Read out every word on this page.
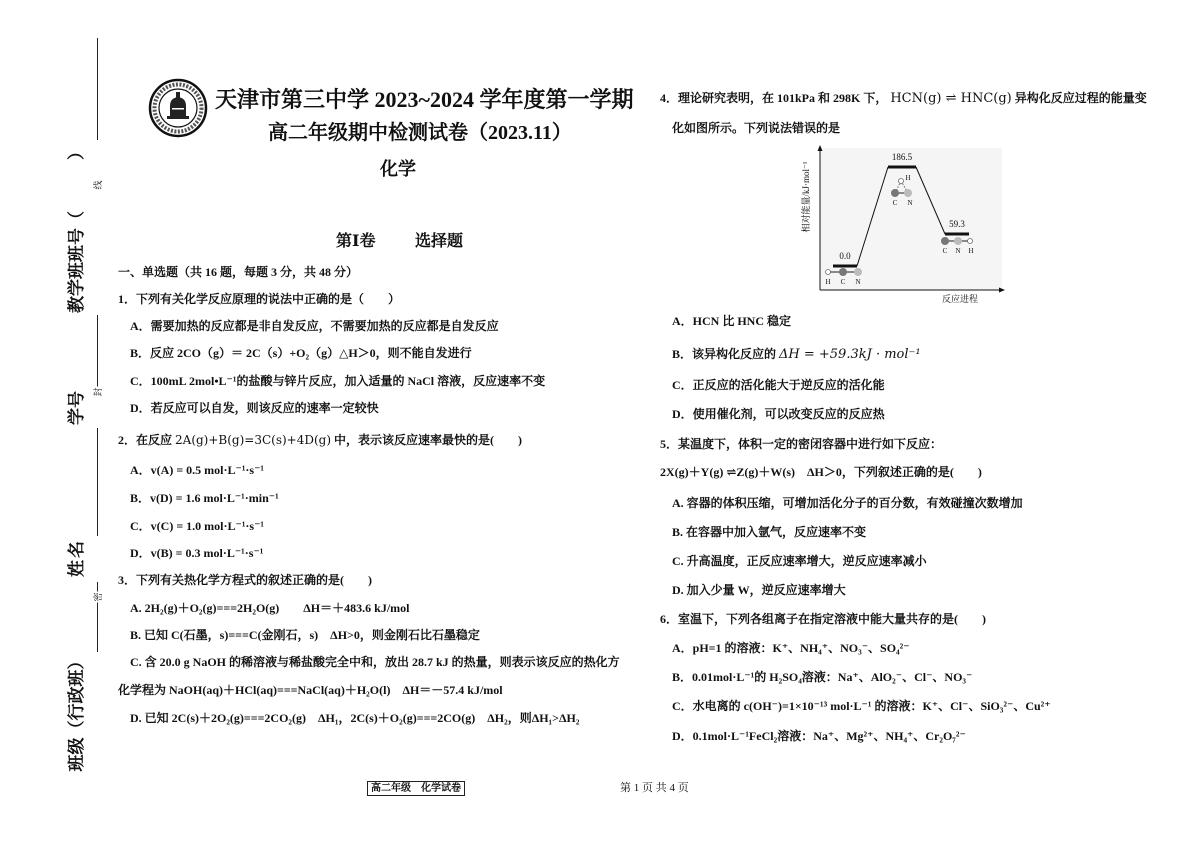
教学班班号（　　　）
学号
姓名
班级（行政班）
线
封
密
天津市第三中学 2023~2024 学年度第一学期
高二年级期中检测试卷（2023.11）
化学
第Ⅰ卷 选择题
一、单选题（共 16 题，每题 3 分，共 48 分）
1．下列有关化学反应原理的说法中正确的是（　　）
A．需要加热的反应都是非自发反应，不需要加热的反应都是自发反应
B．反应 2CO（g）＝ 2C（s）+O₂（g）△H＞0，则不能自发进行
C．100mL 2mol•L⁻¹的盐酸与锌片反应，加入适量的 NaCl 溶液，反应速率不变
D．若反应可以自发，则该反应的速率一定较快
2．在反应 2A(g)+B(g)=3C(s)+4D(g) 中，表示该反应速率最快的是(　　)
A．v(A) = 0.5 mol·L⁻¹·s⁻¹
B．v(D) = 1.6 mol·L⁻¹·min⁻¹
C．v(C) = 1.0 mol·L⁻¹·s⁻¹
D．v(B) = 0.3 mol·L⁻¹·s⁻¹
3．下列有关热化学方程式的叙述正确的是(　　)
A. 2H₂(g)＋O₂(g)===2H₂O(g)　　ΔH＝＋483.6 kJ/mol
B. 已知 C(石墨，s)===C(金刚石，s)　ΔH>0，则金刚石比石墨稳定
C. 含 20.0 g NaOH 的稀溶液与稀盐酸完全中和，放出 28.7 kJ 的热量，则表示该反应的热化方
化学程为 NaOH(aq)＋HCl(aq)===NaCl(aq)＋H₂O(l)　ΔH＝－57.4 kJ/mol
D. 已知 2C(s)＋2O₂(g)===2CO₂(g)　ΔH₁，2C(s)＋O₂(g)===2CO(g)　ΔH₂，则ΔH₁>ΔH₂
4．理论研究表明，在 101kPa 和 298K 下， HCN(g) ⇌ HNC(g) 异构化反应过程的能量变
化如图所示。下列说法错误的是
相对能量/kJ·mol⁻¹
反应进程
0.0
H C N
186.5
H
C N
59.3
C N H
A．HCN 比 HNC 稳定
B．该异构化反应的 ΔH = +59.3kJ · mol⁻¹
C．正反应的活化能大于逆反应的活化能
D．使用催化剂，可以改变反应的反应热
5．某温度下，体积一定的密闭容器中进行如下反应：
2X(g)＋Y(g) ⇌Z(g)＋W(s)　ΔH＞0，下列叙述正确的是(　　)
A. 容器的体积压缩，可增加活化分子的百分数，有效碰撞次数增加
B. 在容器中加入氩气，反应速率不变
C. 升高温度，正反应速率增大，逆反应速率减小
D. 加入少量 W，逆反应速率增大
6．室温下，下列各组离子在指定溶液中能大量共存的是(　　)
A．pH=1 的溶液：K⁺、NH₄⁺、NO₃⁻、SO₄²⁻
B．0.01mol·L⁻¹的 H₂SO₄溶液：Na⁺、AlO₂⁻、Cl⁻、NO₃⁻
C．水电离的 c(OH⁻)=1×10⁻¹³ mol·L⁻¹ 的溶液：K⁺、Cl⁻、SiO₃²⁻、Cu²⁺
D．0.1mol·L⁻¹FeCl₂溶液：Na⁺、Mg²⁺、NH₄⁺、Cr₂O₇²⁻
高二年级　化学试卷	第 1 页 共 4 页
